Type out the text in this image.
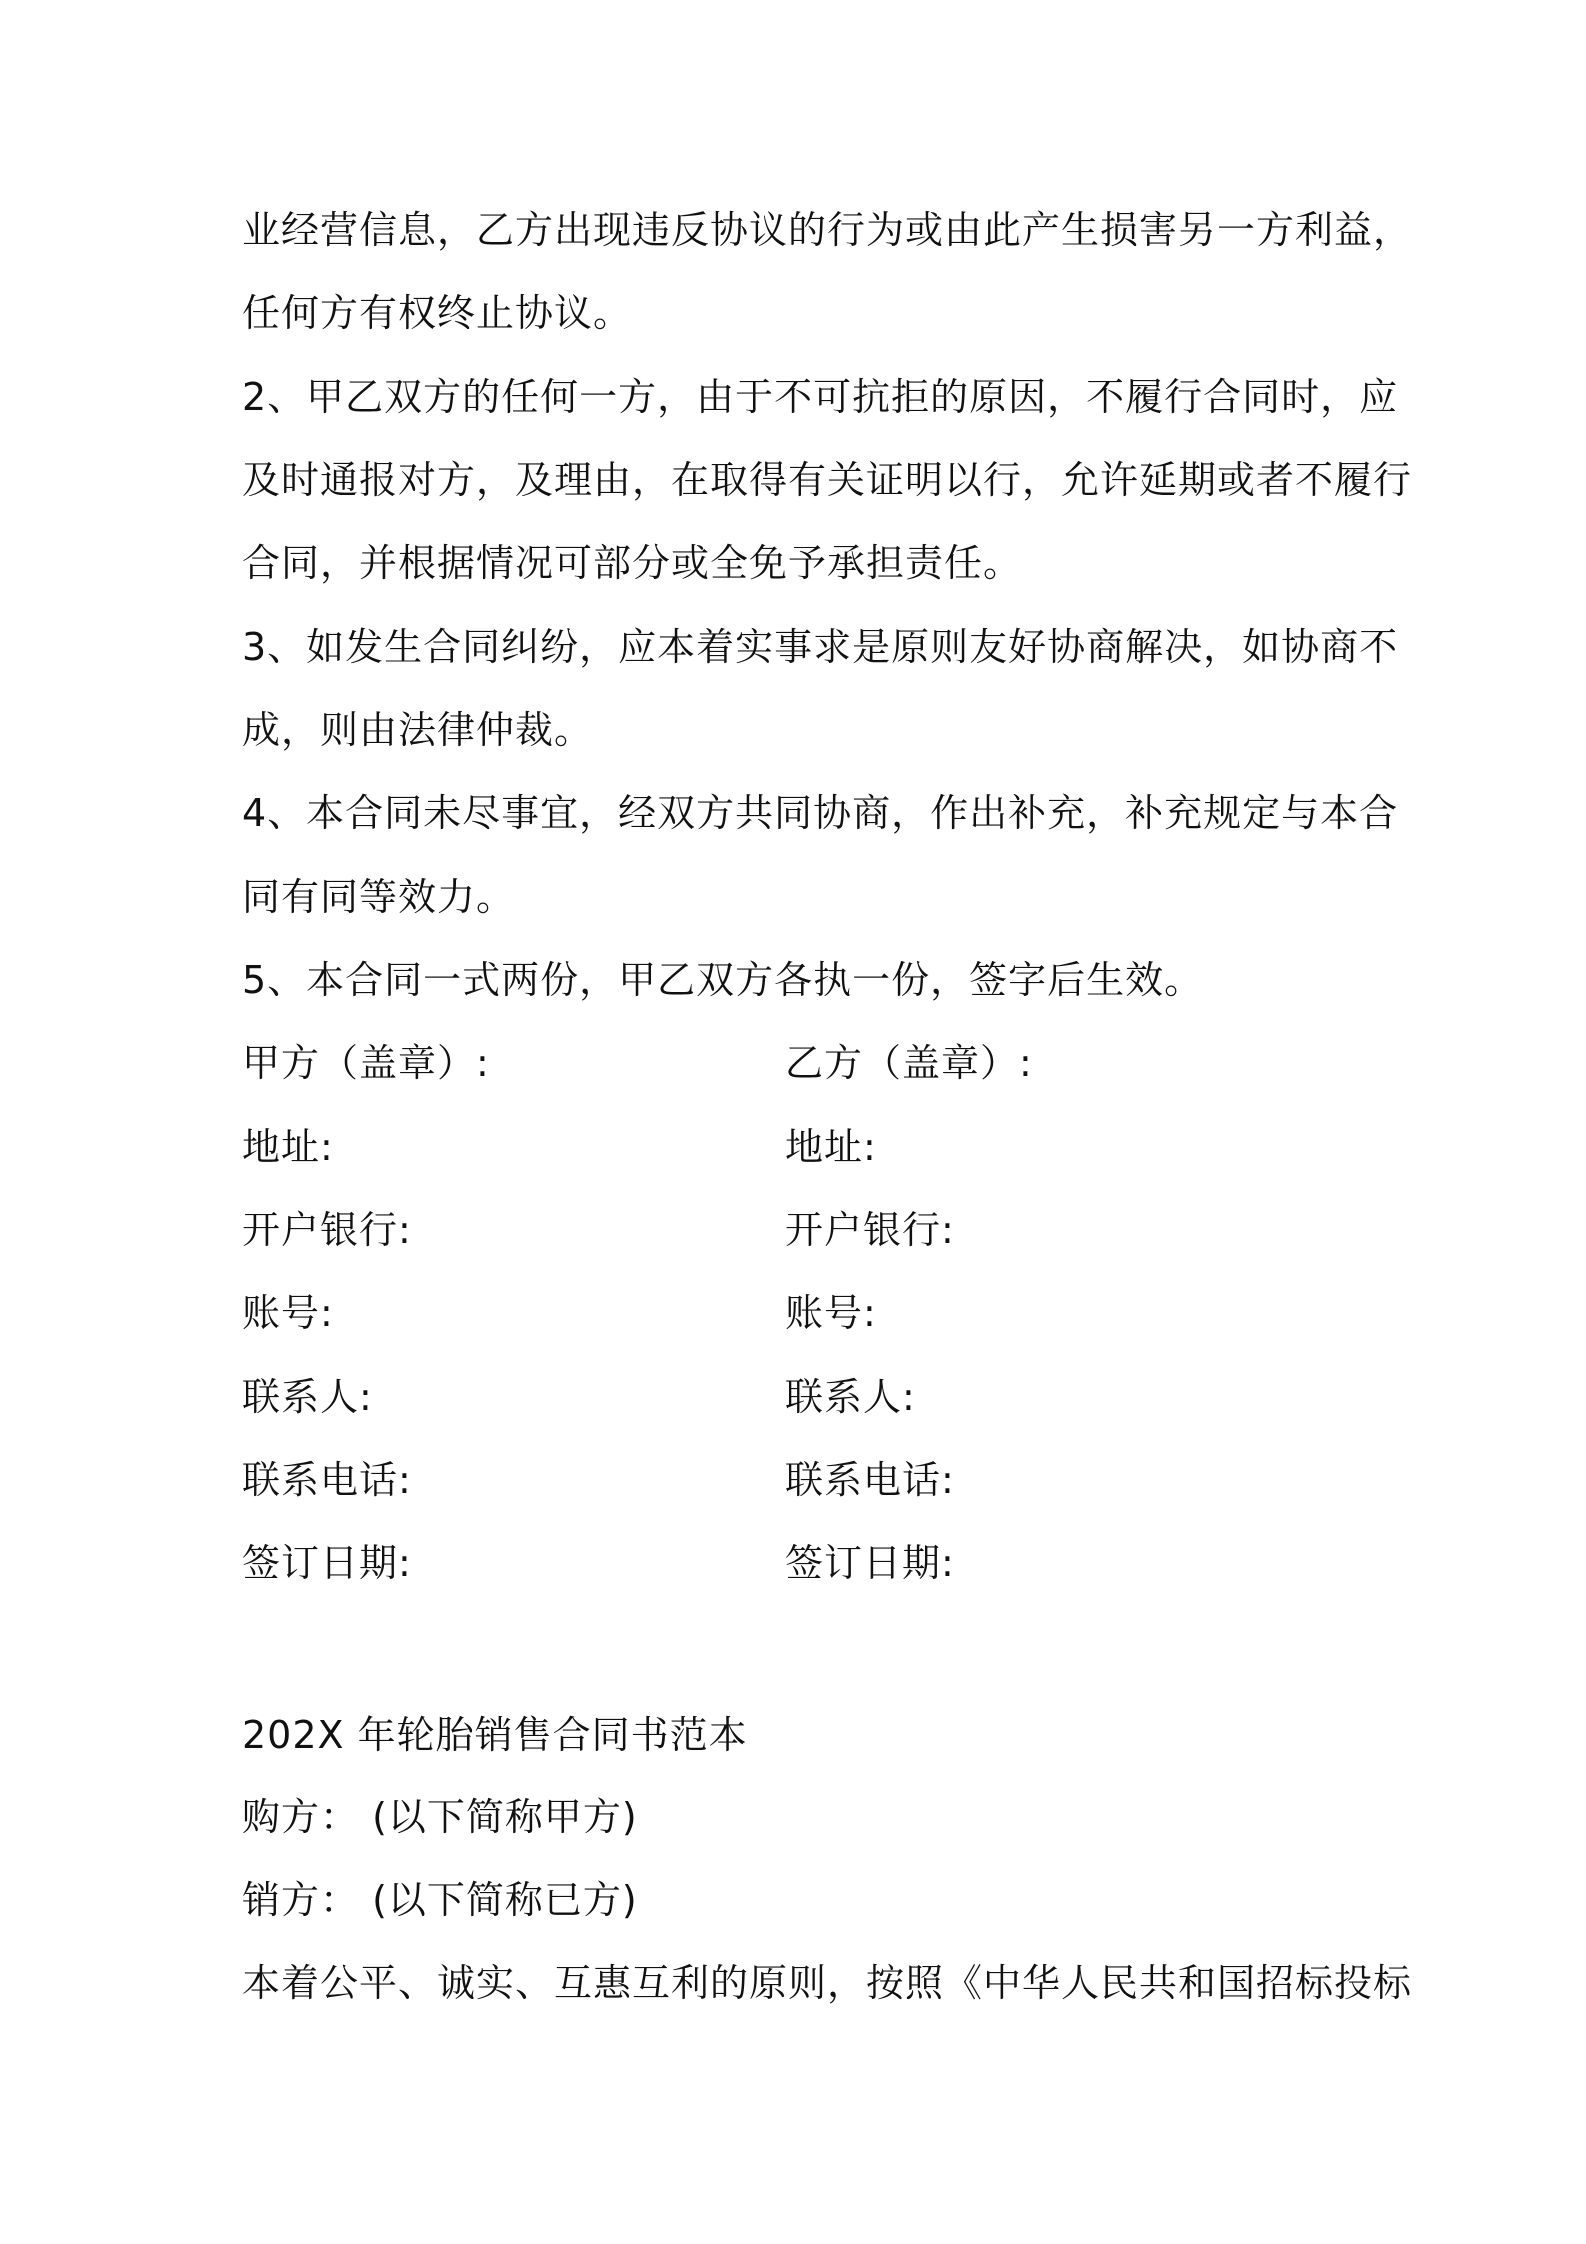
业经营信息，乙方出现违反协议的行为或由此产生损害另一方利益，
任何方有权终止协议。
2、甲乙双方的任何一方，由于不可抗拒的原因，不履行合同时，应
及时通报对方，及理由，在取得有关证明以行，允许延期或者不履行
合同，并根据情况可部分或全免予承担责任。
3、如发生合同纠纷，应本着实事求是原则友好协商解决，如协商不
成，则由法律仲裁。
4、本合同未尽事宜，经双方共同协商，作出补充，补充规定与本合
同有同等效力。
5、本合同一式两份，甲乙双方各执一份，签字后生效。
甲方（盖章）:	乙方（盖章）:
地址:	地址:
开户银行:	开户银行:
账号:	账号:
联系人:	联系人:
联系电话:	联系电话:
签订日期:	签订日期:
202X 年轮胎销售合同书范本
购方： (以下简称甲方)
销方： (以下简称已方)
本着公平、诚实、互惠互利的原则，按照《中华人民共和国招标投标
